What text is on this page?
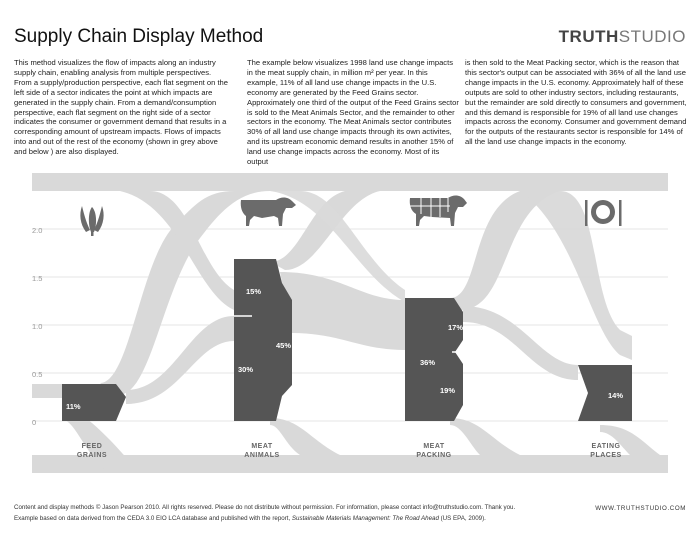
Supply Chain Display Method	TRUTHSTUDIO
This method visualizes the flow of impacts along an industry supply chain, enabling analysis from multiple perspectives. From a supply/production perspective, each flat segment on the left side of a sector indicates the point at which impacts are generated in the supply chain. From a demand/consumption perspective, each flat segment on the right side of a sector indicates the consumer or government demand that results in a corresponding amount of upstream impacts. Flows of impacts into and out of the rest of the economy (shown in grey above and below ) are also displayed.
The example below visualizes 1998 land use change impacts in the meat supply chain, in million m² per year. In this example, 11% of all land use change impacts in the U.S. economy are generated by the Feed Grains sector. Approximately one third of the output of the Feed Grains sector is sold to the Meat Animals Sector, and the remainder to other sectors in the economy. The Meat Animals sector contributes 30% of all land use change impacts through its own activites, and its upstream economic demand results in another 15% of land use change impacts across the economy. Most of its output
is then sold to the Meat Packing sector, which is the reason that this sector's output can be associated with 36% of all the land use change impacts in the U.S. economy. Approximately half of these outputs are sold to other industry sectors, including restaurants, but the remainder are sold directly to consumers and government, and this demand is responsible for 19% of all land use changes impacts across the economy. Consumer and government demand for the outputs of the restaurants sector is responsible for 14% of all the land use change impacts in the economy.
2.0
1.5
1.0
0.5
0
11%
15%
45%
30%
17%
36%
19%
14%
FEED
GRAINS
MEAT
ANIMALS
MEAT
PACKING
EATING
PLACES
Content and display methods © Jason Pearson 2010. All rights reserved. Please do not distribute without permission. For information, please contact info@truthstudio.com. Thank you.
Example based on data derived from the CEDA 3.0 EIO LCA database and published with the report, Sustainable Materials Management: The Road Ahead (US EPA, 2009).
WWW.TRUTHSTUDIO.COM
